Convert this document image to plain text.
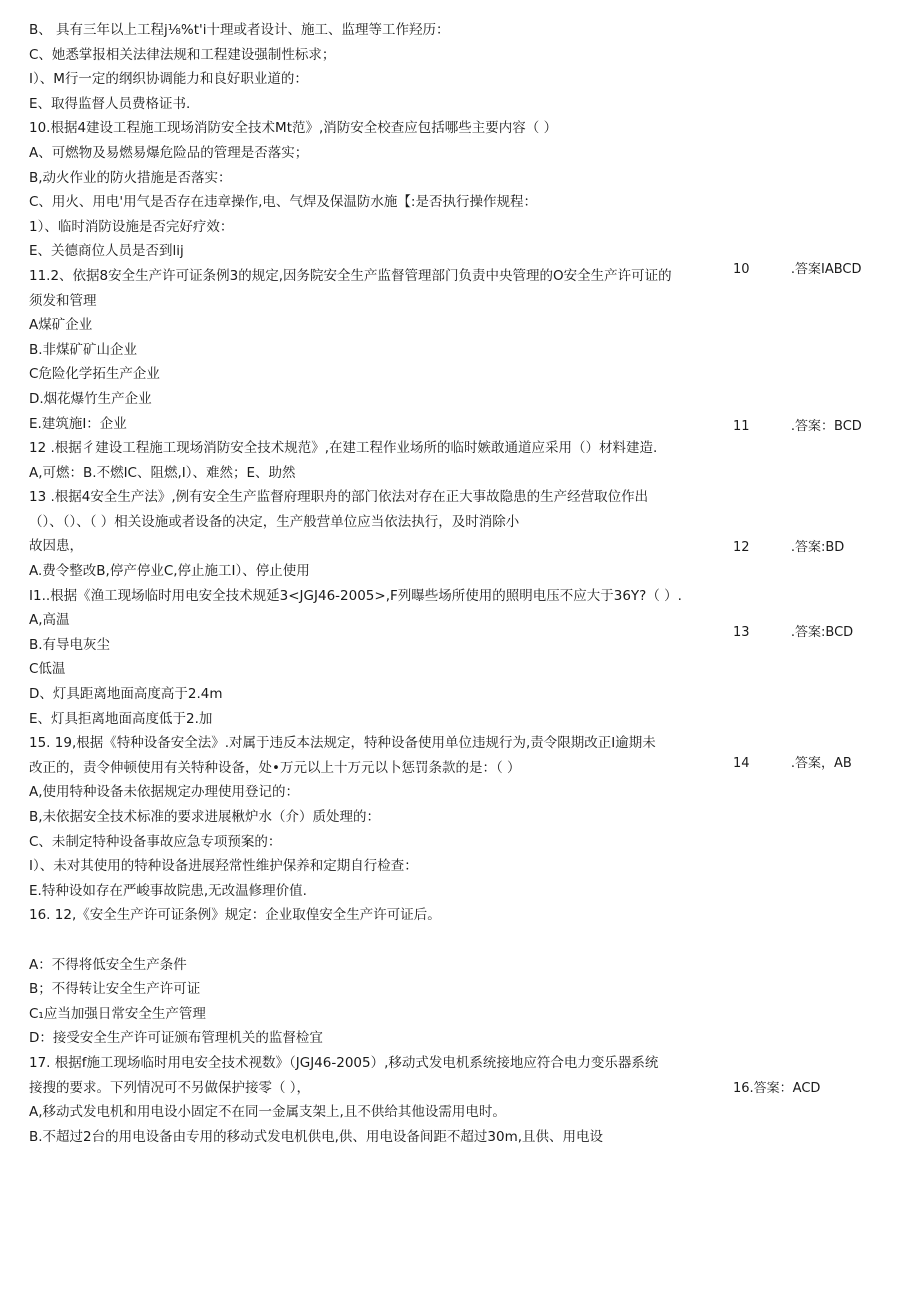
B、 具有三年以上工程j⅛%t'i十理或者设计、施工、监理等工作羟历：
C、她悉掌报相关法律法规和工程建设强制性标求；
I）、M行一定的纲织协调能力和良好职业道的：
E、取得监督人员费格证书.
10.根据4建设工程施工现场消防安全技术Mt范》,消防安全校查应包括哪些主要内容（ ）
A、可燃物及易燃易爆危险品的管理是否落实；
B,动火作业的防火措施是否落实：
C、用火、用电'用气是否存在违章操作,电、气焊及保温防水施【:是否执行操作规程：
1）、临时消防设施是否完好疗效：
E、关德商位人员是否到lij
11.2、依据8安全生产许可证条例3的规定,因务院安全生产监督管理部门负责中央管理的O安全生产许可证的
须发和管理
A煤矿企业
B.非煤矿矿山企业
C危险化学拓生产企业
D.烟花爆竹生产企业
E.建筑施I：企业
12 .根据彳建设工程施工现场消防安全技术规范》,在建工程作业场所的临时嫉敢通道应采用（）材料建造.
A,可燃：B.不燃IC、阻燃,I）、难然；E、助然
13 .根据4安全生产法》,例有安全生产监督府理职舟的部门依法对存在正大事故隐患的生产经营取位作出
（）、（）、（ ）相关设施或者设备的决定，生产般营单位应当依法执行，及时消除小
故因患，
A.费令整改B,停产停业C,停止施工I）、停止使用
I1..根据《渔工现场临时用电安全技术规延3<JGJ46-2005>,F列曝些场所使用的照明电压不应大于36Y?（ ）.
A,高温
B.有导电灰尘
C低温
D、灯具距离地面高度高于2.4m
E、灯具拒离地面高度低于2.加
15. 19,根据《特种设备安全法》.对属于违反本法规定，特种设备使用单位违规行为,责令限期改正I逾期未
改正的，责令伸顿使用有关特种设备，处•万元以上十万元以卜惩罚条款的是：（ ）
A,使用特种设备未依据规定办理使用登记的：
B,未依据安全技术标准的要求进展楸炉水（介）质处理的：
C、未制定特种设备事故应急专项预案的：
I）、未对其使用的特种设备进展羟常性维护保养和定期自行检查：
E.特种设如存在严峻事故院患,无改温修理价值.
16. 12,《安全生产许可证条例》规定：企业取偟安全生产许可证后。
A：不得将低安全生产条件
B；不得转让安全生产许可证
C₁应当加强日常安全生产管理
D：接受安全生产许可证颁布管理机关的监督检宜
17. 根据f施工现场临时用电安全技术视数》（JGJ46-2005）,移动式发电机系统接地应符合电力变乐器系统
接搜的要求。下列情况可不另做保护接零（ ），
A,移动式发电机和用电设小固定不在同一金属支架上,且不供给其他设需用电时。
B.不超过2台的用电设备由专用的移动式发电机供电,供、用电设备间距不超过30m,且供、用电设
10          .答案IABCD
11          .答案：BCD
12          .答案:BD
13          .答案:BCD
14          .答案，AB
16.答案：ACD
